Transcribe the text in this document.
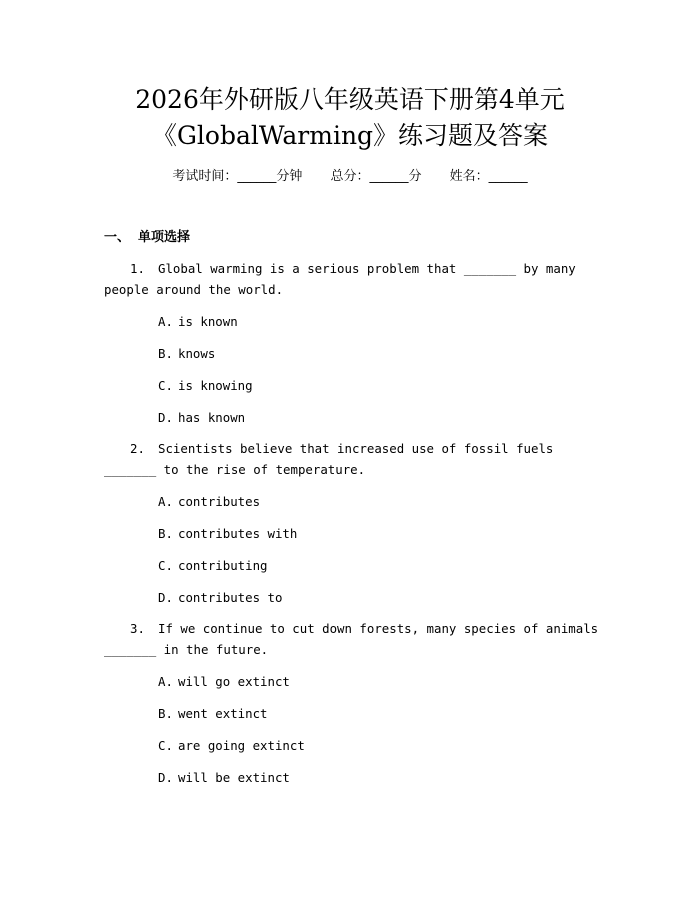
2026年外研版八年级英语下册第4单元
《GlobalWarming》练习题及答案
考试时间：______分钟 总分：______分 姓名：______
一、 单项选择
1. Global warming is a serious problem that _______ by many people around the world.
A. is known
B. knows
C. is knowing
D. has known
2. Scientists believe that increased use of fossil fuels _______ to the rise of temperature.
A. contributes
B. contributes with
C. contributing
D. contributes to
3. If we continue to cut down forests, many species of animals _______ in the future.
A. will go extinct
B. went extinct
C. are going extinct
D. will be extinct
